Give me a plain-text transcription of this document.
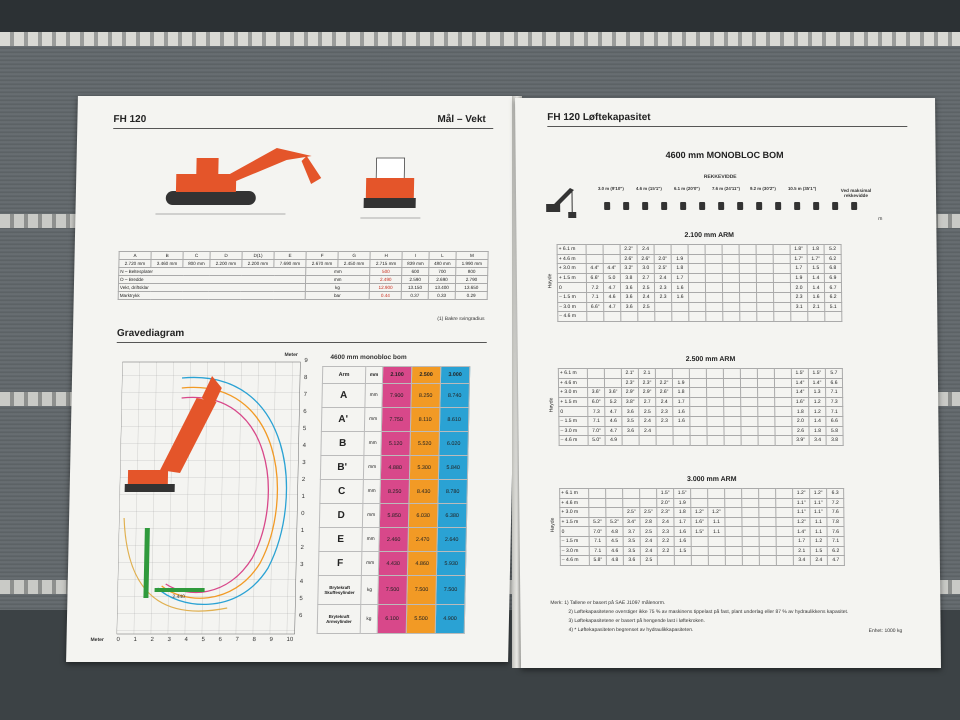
FH 120	Mål – Vekt
A	B	C	D	D(1)	E	F	G	H	I	L	M
2.720 mm	3.460 mm	800 mm	2.200 mm	2.200 mm	7.690 mm	2.670 mm	2.450 mm	2.715 mm	839 mm	480 mm	1.990 mm
N – Beltesplater						mm		500	600	700	800
O – Bredde						mm		2.490	2.590	2.690	2.790
Vekt, driftsklar						kg		12.900	13.150	13.400	13.650
Marktrykk						bar		0.44	0.37	0.33	0.29
(1) Bakre svingradius
Gravediagram
Meter
Meter
9
8
7
6
5
4
3
2
1
0
1
2
3
4
5
6
0 1 2 3 4 5 6 7 8 9 10
2.440
4600 mm monobloc bom
Arm	mm	2.100	2.500	3.000
A	mm	7.900	8.250	8.740
A'	mm	7.750	8.110	8.610
B	mm	5.120	5.520	6.020
B'	mm	4.880	5.300	5.840
C	mm	8.250	8.430	8.780
D	mm	5.850	6.030	6.380
E	mm	2.460	2.470	2.640
F	mm	4.430	4.860	5.930
Brytekraft Skuffesylinder	kg	7.500	7.500	7.500
Brytekraft Armsylinder	kg	6.100	5.500	4.900
FH 120 Løftekapasitet
4600 mm MONOBLOC BOM
REKKEVIDDE
3.0 m (9'10")	4.6 m (15'1")	6.1 m (20'0")	7.6 m (24'11") 9.2 m (30'2")	10.5 m (35'1")	Ved maksimal rekkevidde
m
2.100 mm ARM
Høyde
+ 6.1 m			2.2"	2.4									1.8"	1.8	5.2
+ 4.6 m			2.6"	2.6"	2.0"	1.9							1.7"	1.7"	6.2
+ 3.0 m	4.4"	4.4"	3.2"	3.0	2.5"	1.8							1.7	1.5	6.8
+ 1.5 m	6.6"	5.0	3.8	2.7	2.4	1.7							1.9	1.4	6.9
0	7.2	4.7	3.6	2.5	2.3	1.6							2.0	1.4	6.7
– 1.5 m	7.1	4.6	3.6	2.4	2.3	1.6							2.3	1.6	6.2
– 3.0 m	6.6"	4.7	3.6	2.5									3.1	2.1	5.1
– 4.6 m															
2.500 mm ARM
Høyde
+ 6.1 m			2.1"	2.1									1.5"	1.5"	5.7
+ 4.6 m			2.3"	2.3"	2.2"	1.9							1.4"	1.4"	6.6
+ 3.0 m	3.6"	3.6"	2.9"	2.9"	2.6"	1.8							1.4"	1.3	7.1
+ 1.5 m	6.0"	5.2	3.8"	2.7	2.4	1.7							1.6"	1.2	7.3
0	7.3	4.7	3.6	2.5	2.3	1.6							1.8	1.2	7.1
– 1.5 m	7.1	4.6	3.5	2.4	2.3	1.6							2.0	1.4	6.6
– 3.0 m	7.0"	4.7	3.6	2.4									2.6	1.8	5.8
– 4.6 m	5.0"	4.9											3.9"	3.4	3.8
3.000 mm ARM
Høyde
+ 6.1 m					1.5"	1.5"							1.2"	1.2"	6.3
+ 4.6 m					2.0"	1.9							1.1"	1.1"	7.2
+ 3.0 m			2.5"	2.5"	2.3"	1.8	1.2"	1.2"					1.1"	1.1"	7.6
+ 1.5 m	5.2"	5.2"	3.4"	2.8	2.4	1.7	1.6"	1.1					1.2"	1.1	7.8
0	7.0"	4.8	3.7	2.5	2.3	1.6	1.5"	1.1					1.4"	1.1	7.6
– 1.5 m	7.1	4.5	3.5	2.4	2.2	1.6							1.7	1.2	7.1
– 3.0 m	7.1	4.6	3.5	2.4	2.2	1.5							2.1	1.5	6.2
– 4.6 m	5.8"	4.8	3.6	2.5									3.4	2.4	4.7
Merk: 1) Tallene er basert på SAE J1097 målenorm.
2) Løftekapasitetene overstiger ikke 75 % av maskinens tippelast på fast, plant underlag eller 87 % av hydraulikkens kapasitet.
3) Løftekapasitetene er basert på hengende last i løftekroken.
4) * Løftekapasiteten begrenset av hydraulikkapasiteten.	Enhet: 1000 kg
